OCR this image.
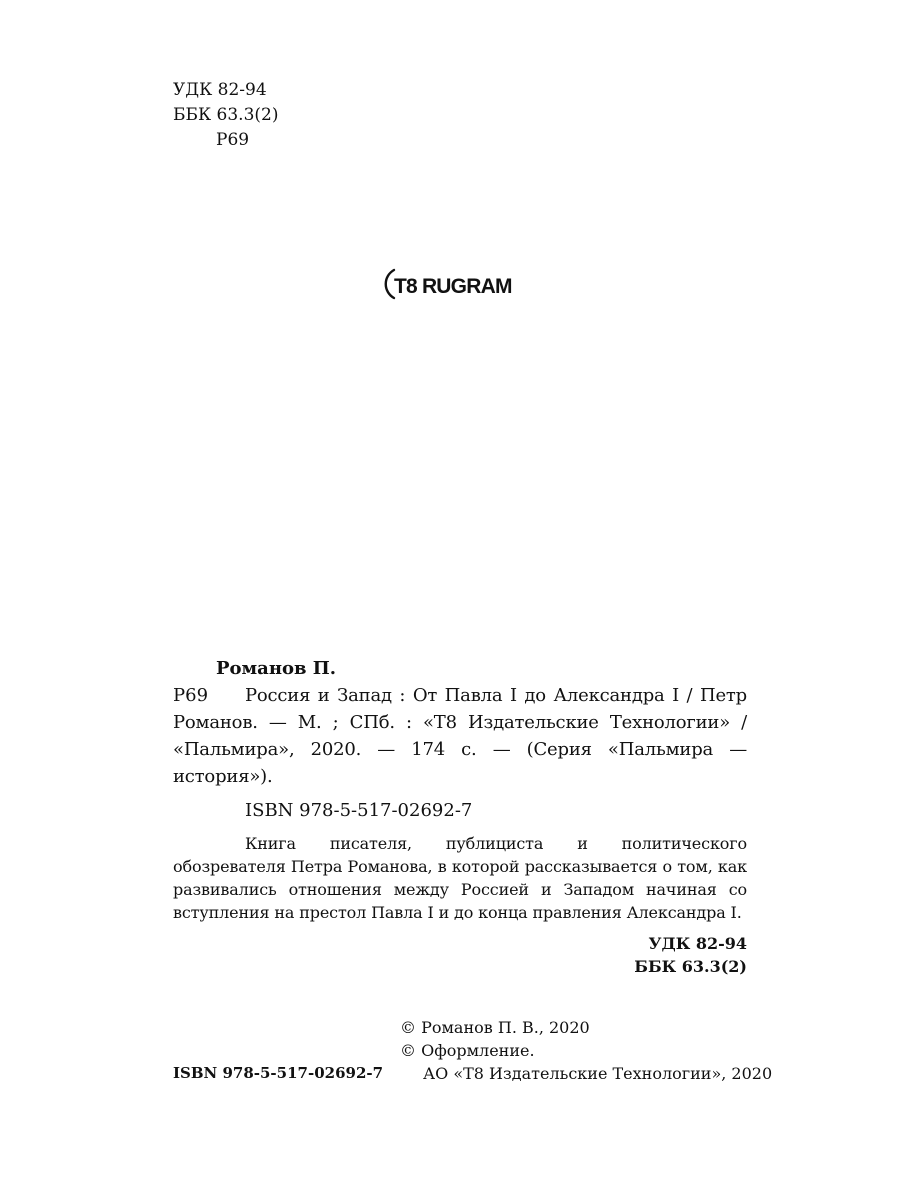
УДК 82-94
ББК 63.3(2)
Р69
T8 RUGRAM
Романов П.
Р69	Россия и Запад : От Павла I до Александра I / Петр Романов. — М. ; СПб. : «Т8 Издательские Технологии» / «Пальмира», 2020. — 174 с. — (Серия «Пальмира — история»).
ISBN 978-5-517-02692-7
Книга писателя, публициста и политического обозревателя Петра Романова, в которой рассказывается о том, как развивались отношения между Россией и Западом начиная со вступления на престол Павла I и до конца правления Александра I.
УДК 82-94
ББК 63.3(2)
© Романов П. В., 2020
© Оформление.
АО «Т8 Издательские Технологии», 2020
ISBN 978-5-517-02692-7
